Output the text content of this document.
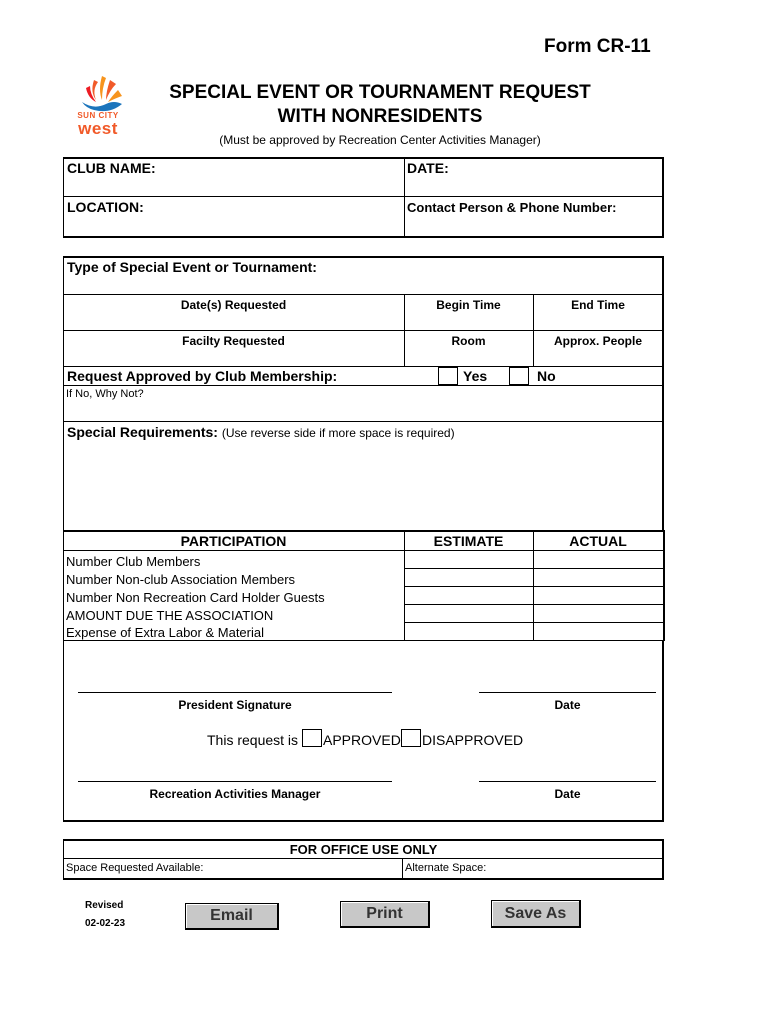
Form CR-11
SUN CITY
west
SPECIAL EVENT OR TOURNAMENT REQUEST
WITH NONRESIDENTS
(Must be approved by Recreation Center Activities Manager)
CLUB NAME:	DATE:
LOCATION:	Contact Person & Phone Number:
Type of Special Event or Tournament:
Date(s) Requested	Begin Time	End Time
Facilty Requested	Room	Approx. People
Request Approved by Club Membership:	Yes	No
If No, Why Not?
Special Requirements: (Use reverse side if more space is required)
PARTICIPATION	ESTIMATE	ACTUAL
Number Club Members
Number Non-club Association Members
Number Non Recreation Card Holder Guests
AMOUNT DUE THE ASSOCIATION
Expense of Extra Labor & Material
President Signature	Date
This request is APPROVED DISAPPROVED
Recreation Activities Manager	Date
FOR OFFICE USE ONLY
Space Requested Available:	Alternate Space:
Revised
02-02-23	Email	Print	Save As
